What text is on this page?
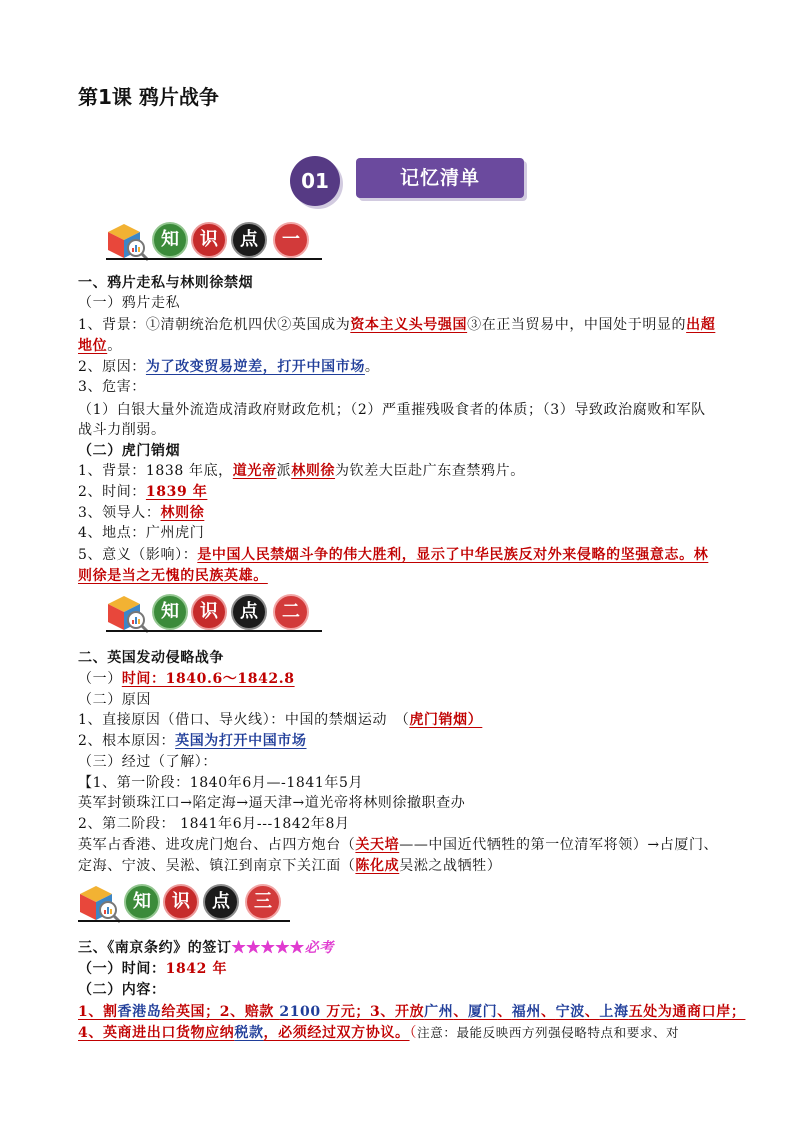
第1课 鸦片战争
01	记忆清单
知	识	点	一
一、鸦片走私与林则徐禁烟
（一）鸦片走私
1、背景：①清朝统治危机四伏②英国成为资本主义头号强国③在正当贸易中，中国处于明显的出超
地位。
2、原因：为了改变贸易逆差，打开中国市场。
3、危害：
（1）白银大量外流造成清政府财政危机；（2）严重摧残吸食者的体质；（3）导致政治腐败和军队
战斗力削弱。
（二）虎门销烟
1、背景：1838 年底，道光帝派林则徐为钦差大臣赴广东查禁鸦片。
2、时间：1839 年
3、领导人：林则徐
4、地点：广州虎门
5、意义（影响）：是中国人民禁烟斗争的伟大胜利，显示了中华民族反对外来侵略的坚强意志。林
则徐是当之无愧的民族英雄。
知	识	点	二
二、英国发动侵略战争
（一）时间：1840.6～1842.8
（二）原因
1、直接原因（借口、导火线）：中国的禁烟运动　（虎门销烟）
2、根本原因：英国为打开中国市场
（三）经过（了解）：
【1、第一阶段：1840年6月—-1841年5月
英军封锁珠江口→陷定海→逼天津→道光帝将林则徐撤职查办
2、第二阶段： 1841年6月---1842年8月
英军占香港、进攻虎门炮台、占四方炮台（关天培——中国近代牺牲的第一位清军将领）→占厦门、
定海、宁波、吴淞、镇江到南京下关江面（陈化成吴淞之战牺牲）
知	识	点	三
三、《南京条约》的签订★★★★★必考
（一）时间：1842 年
（二）内容：
1、割香港岛给英国；2、赔款 2100 万元；3、开放广州、厦门、福州、宁波、上海五处为通商口岸；
4、英商进出口货物应纳税款，必须经过双方协议。（注意：最能反映西方列强侵略特点和要求、对
